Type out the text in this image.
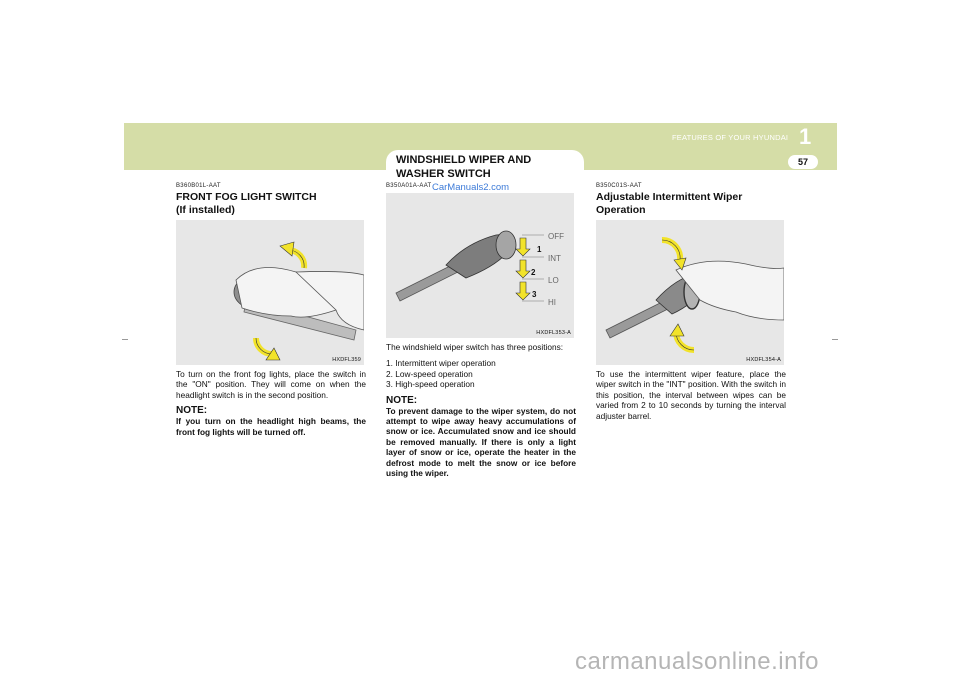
WINDSHIELD WIPER AND WASHER SWITCH
FEATURES OF YOUR HYUNDAI 1
57
CarManuals2.com
B360B01L-AAT
FRONT FOG LIGHT SWITCH
(If installed)
HXDFL359
To turn on the front fog lights, place the switch in the "ON" position. They will come on when the headlight switch is in the second position.
NOTE:
If you turn on the headlight high beams, the front fog lights will be turned off.
B350A01A-AAT
OFF
1
INT
2
LO
3
HI
HXDFL353-A
The windshield wiper switch has three positions:
1. Intermittent wiper operation
2. Low-speed operation
3. High-speed operation
NOTE:
To prevent damage to the wiper system, do not attempt to wipe away heavy accumulations of snow or ice. Accumulated snow and ice should be removed manually. If there is only a light layer of snow or ice, operate the heater in the defrost mode to melt the snow or ice before using the wiper.
B350C01S-AAT
Adjustable Intermittent Wiper
Operation
HXDFL354-A
To use the intermittent wiper feature, place the wiper switch in the "INT" position. With the switch in this position, the interval between wipes can be varied from 2 to 10 seconds by turning the interval adjuster barrel.
carmanualsonline.info
